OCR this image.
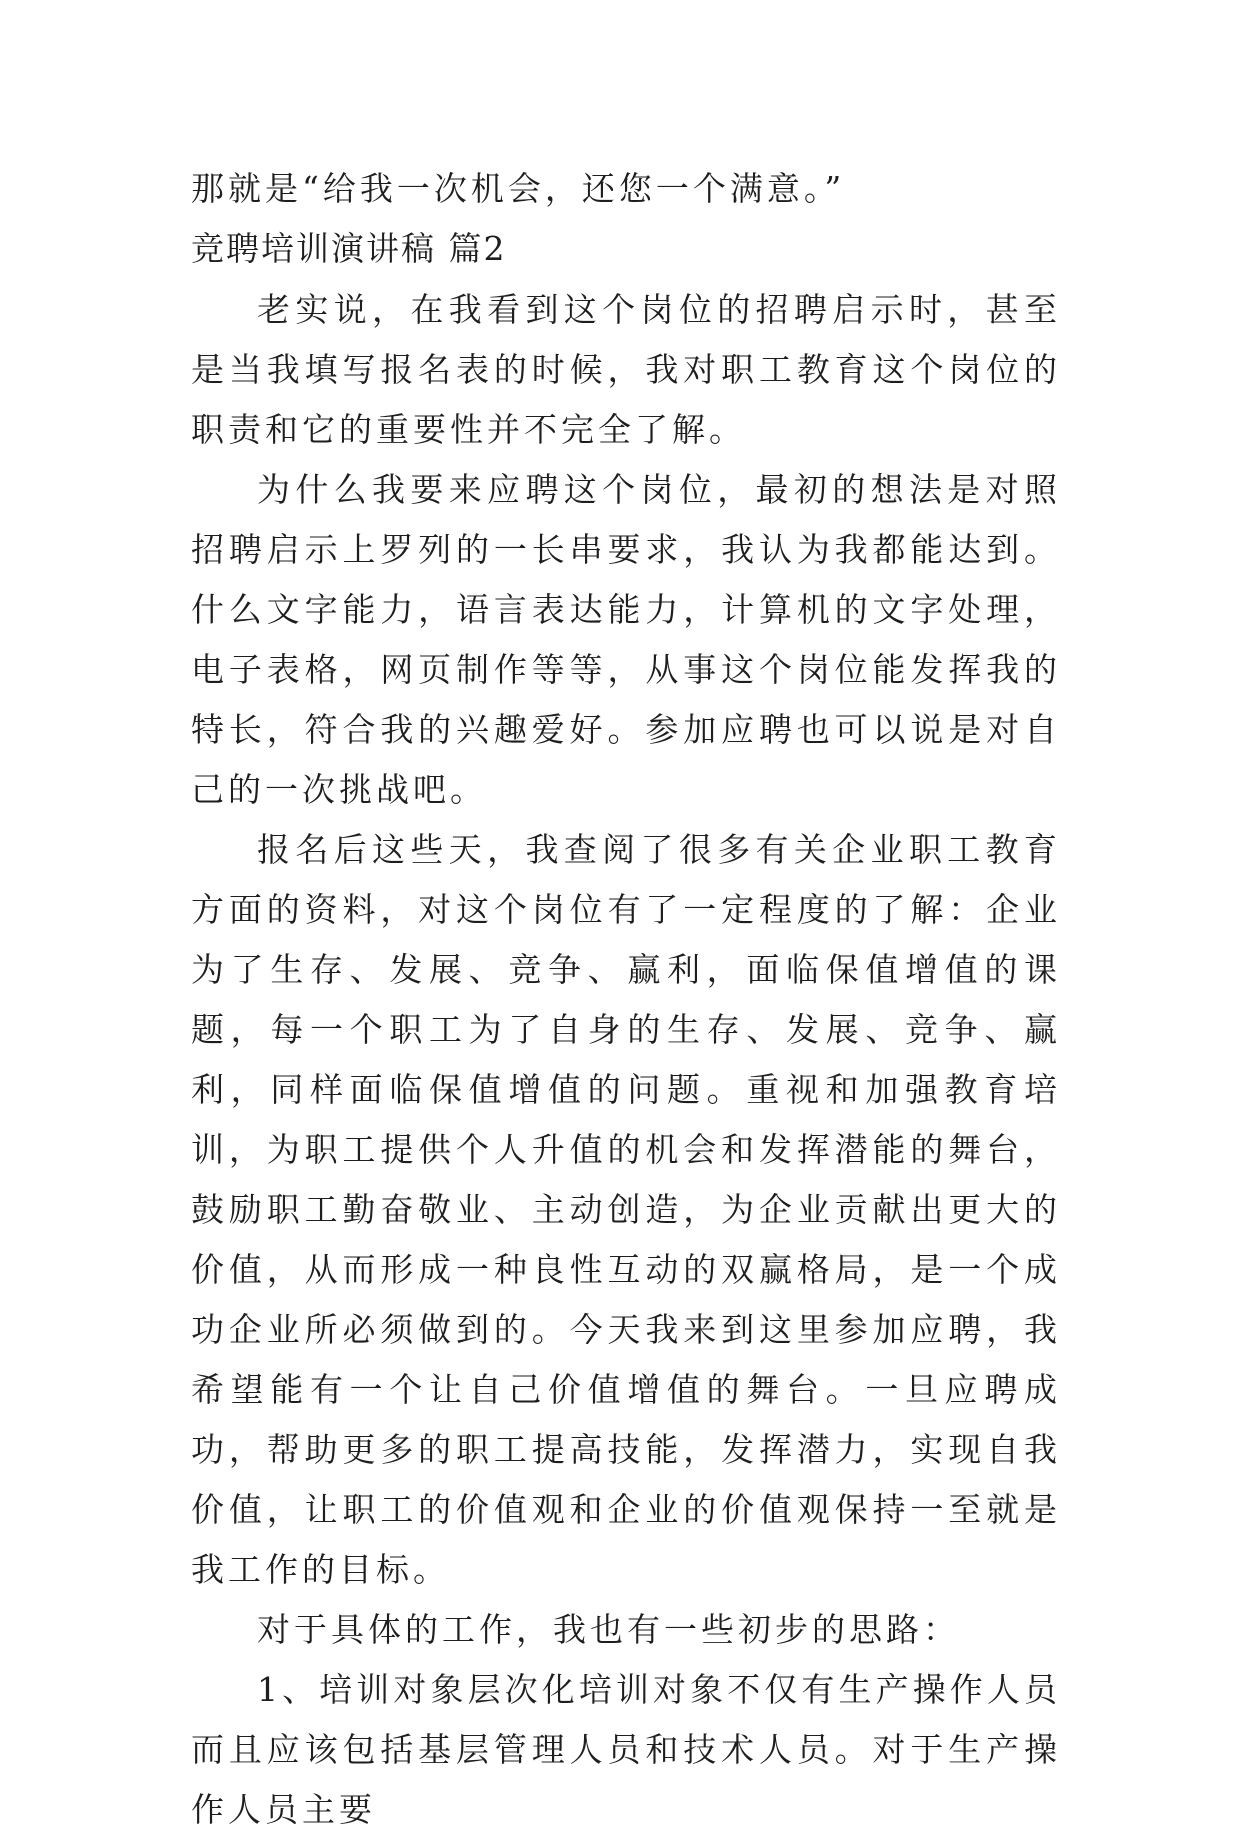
那就是“给我一次机会，还您一个满意。”

竞聘培训演讲稿 篇2

老实说，在我看到这个岗位的招聘启示时，甚至是当我填写报名表的时候，我对职工教育这个岗位的职责和它的重要性并不完全了解。

为什么我要来应聘这个岗位，最初的想法是对照招聘启示上罗列的一长串要求，我认为我都能达到。什么文字能力，语言表达能力，计算机的文字处理，电子表格，网页制作等等，从事这个岗位能发挥我的特长，符合我的兴趣爱好。参加应聘也可以说是对自己的一次挑战吧。

报名后这些天，我查阅了很多有关企业职工教育方面的资料，对这个岗位有了一定程度的了解：企业为了生存、发展、竞争、赢利，面临保值增值的课题，每一个职工为了自身的生存、发展、竞争、赢利，同样面临保值增值的问题。重视和加强教育培训，为职工提供个人升值的机会和发挥潜能的舞台，鼓励职工勤奋敬业、主动创造，为企业贡献出更大的价值，从而形成一种良性互动的双赢格局，是一个成功企业所必须做到的。今天我来到这里参加应聘，我希望能有一个让自己价值增值的舞台。一旦应聘成功，帮助更多的职工提高技能，发挥潜力，实现自我价值，让职工的价值观和企业的价值观保持一至就是我工作的目标。

对于具体的工作，我也有一些初步的思路：

1、培训对象层次化培训对象不仅有生产操作人员而且应该包括基层管理人员和技术人员。对于生产操作人员主要
